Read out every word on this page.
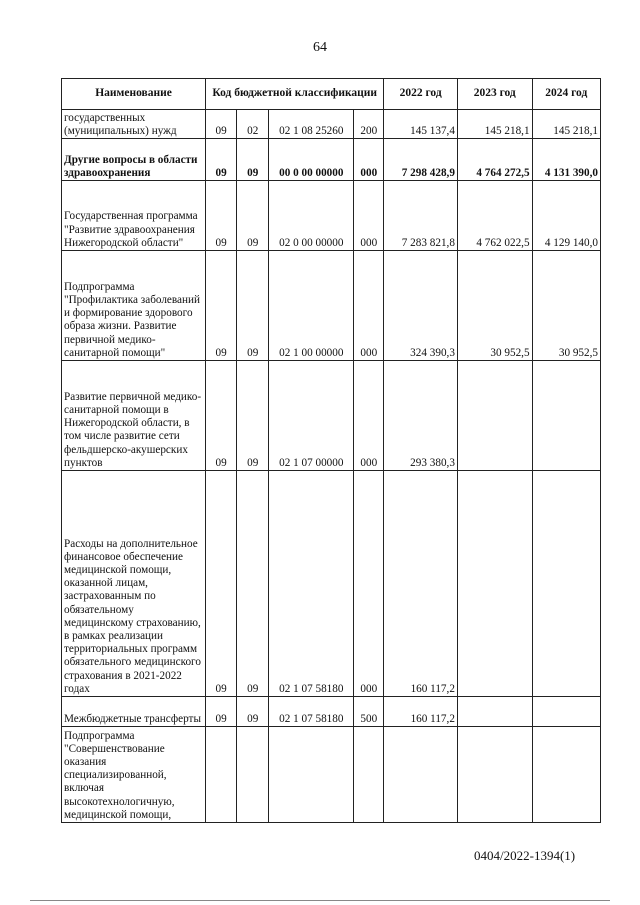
64
Наименование	Код бюджетной классификации				2022 год	2023 год	2024 год
государственных (муниципальных) нужд	09	02	02 1 08 25260	200	145 137,4	145 218,1	145 218,1
Другие вопросы в области здравоохранения	09	09	00 0 00 00000	000	7 298 428,9	4 764 272,5	4 131 390,0
Государственная программа "Развитие здравоохранения Нижегородской области"	09	09	02 0 00 00000	000	7 283 821,8	4 762 022,5	4 129 140,0
Подпрограмма "Профилактика заболеваний и формирование здорового образа жизни. Развитие первичной медико-санитарной помощи"	09	09	02 1 00 00000	000	324 390,3	30 952,5	30 952,5
Развитие первичной медико-санитарной помощи в Нижегородской области, в том числе развитие сети фельдшерско-акушерских пунктов	09	09	02 1 07 00000	000	293 380,3		
Расходы на дополнительное финансовое обеспечение медицинской помощи, оказанной лицам, застрахованным по обязательному медицинскому страхованию, в рамках реализации территориальных программ обязательного медицинского страхования в 2021-2022 годах	09	09	02 1 07 58180	000	160 117,2		
Межбюджетные трансферты	09	09	02 1 07 58180	500	160 117,2		
Подпрограмма "Совершенствование оказания специализированной, включая высокотехнологичную, медицинской помощи,							
0404/2022-1394(1)
